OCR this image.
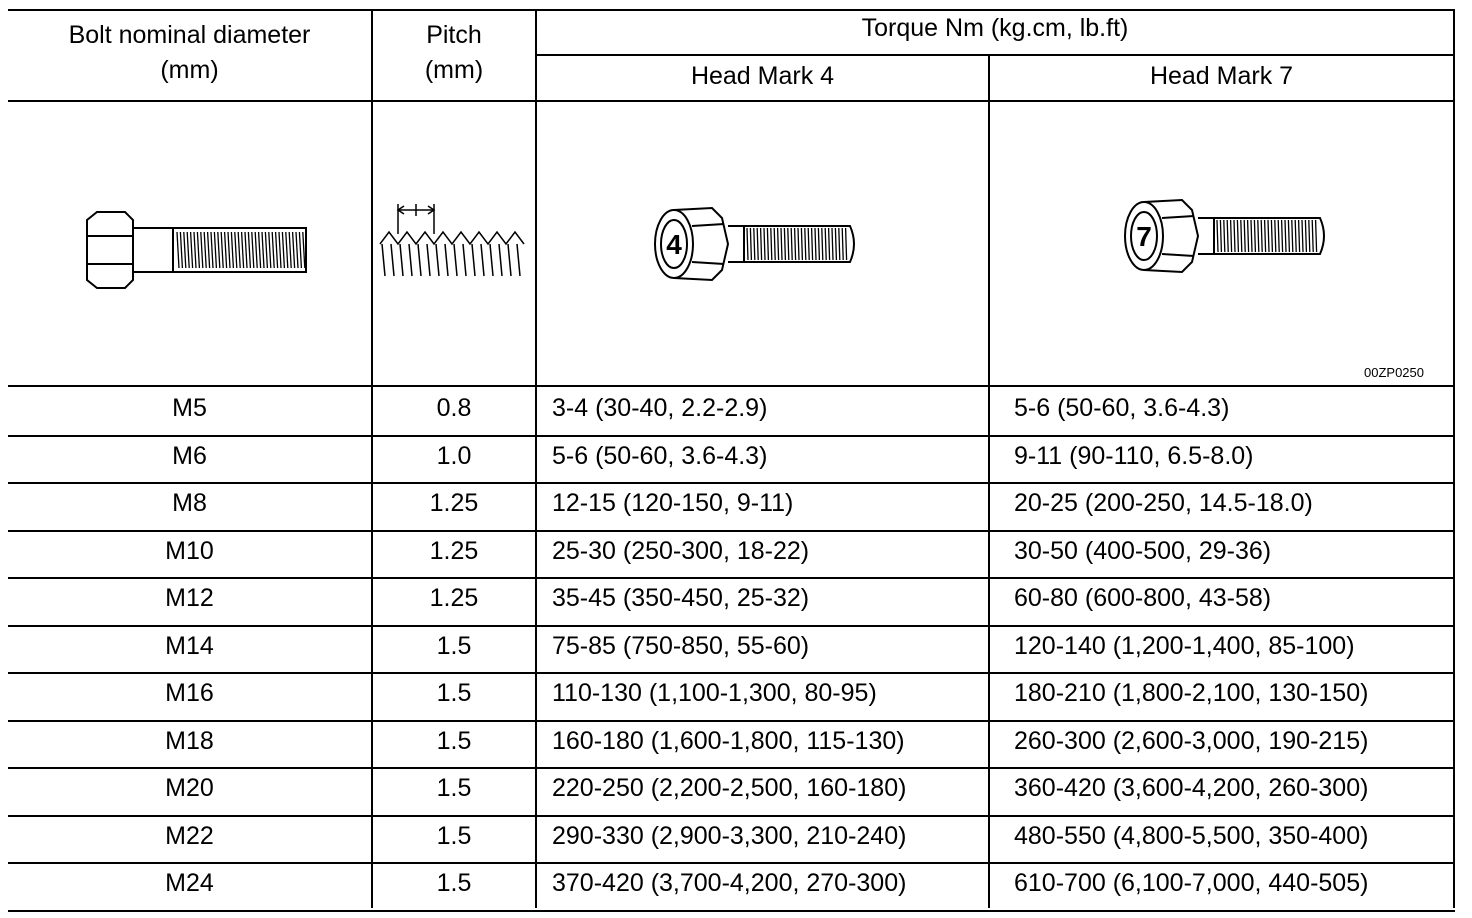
Bolt nominal diameter
(mm)
Pitch
(mm)
Torque Nm (kg.cm, lb.ft)
Head Mark 4	Head Mark 7
4	7
00ZP0250
M5	0.8	3-4 (30-40, 2.2-2.9)	5-6 (50-60, 3.6-4.3)
M6	1.0	5-6 (50-60, 3.6-4.3)	9-11 (90-110, 6.5-8.0)
M8	1.25	12-15 (120-150, 9-11)	20-25 (200-250, 14.5-18.0)
M10	1.25	25-30 (250-300, 18-22)	30-50 (400-500, 29-36)
M12	1.25	35-45 (350-450, 25-32)	60-80 (600-800, 43-58)
M14	1.5	75-85 (750-850, 55-60)	120-140 (1,200-1,400, 85-100)
M16	1.5	110-130 (1,100-1,300, 80-95)	180-210 (1,800-2,100, 130-150)
M18	1.5	160-180 (1,600-1,800, 115-130)	260-300 (2,600-3,000, 190-215)
M20	1.5	220-250 (2,200-2,500, 160-180)	360-420 (3,600-4,200, 260-300)
M22	1.5	290-330 (2,900-3,300, 210-240)	480-550 (4,800-5,500, 350-400)
M24	1.5	370-420 (3,700-4,200, 270-300)	610-700 (6,100-7,000, 440-505)
